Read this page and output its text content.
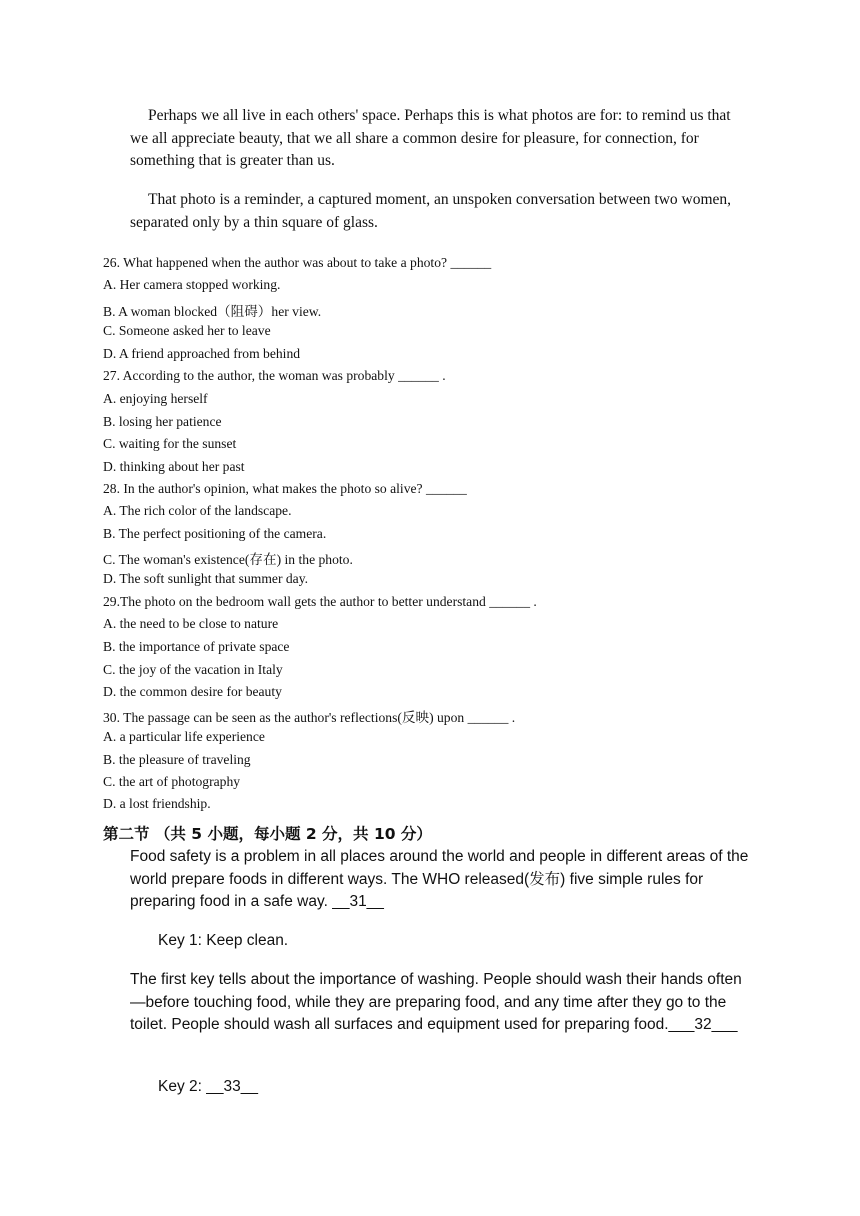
Perhaps we all live in each others' space. Perhaps this is what photos are for: to remind us that we all appreciate beauty, that we all share a common desire for pleasure, for connection, for something that is greater than us.

That photo is a reminder, a captured moment, an unspoken conversation between two women, separated only by a thin square of glass.

26. What happened when the author was about to take a photo? ______
A. Her camera stopped working.
B. A woman blocked（阻碍）her view.
C. Someone asked her to leave
D. A friend approached from behind
27. According to the author, the woman was probably ______ .
A. enjoying herself
B. losing her patience
C. waiting for the sunset
D. thinking about her past
28. In the author's opinion, what makes the photo so alive? ______
A. The rich color of the landscape.
B. The perfect positioning of the camera.
C. The woman's existence(存在) in the photo.
D. The soft sunlight that summer day.
29.The photo on the bedroom wall gets the author to better understand ______ .
A. the need to be close to nature
B. the importance of private space
C. the joy of the vacation in Italy
D. the common desire for beauty
30. The passage can be seen as the author's reflections(反映) upon ______ .
A. a particular life experience
B. the pleasure of traveling
C. the art of photography
D. a lost friendship.
第二节 （共 5 小题，每小题 2 分，共 10 分）

Food safety is a problem in all places around the world and people in different areas of the world prepare foods in different ways. The WHO released(发布) five simple rules for preparing food in a safe way. __31__

Key 1: Keep clean.

The first key tells about the importance of washing. People should wash their hands often—before touching food, while they are preparing food, and any time after they go to the toilet. People should wash all surfaces and equipment used for preparing food.___32___

Key 2: __33__
